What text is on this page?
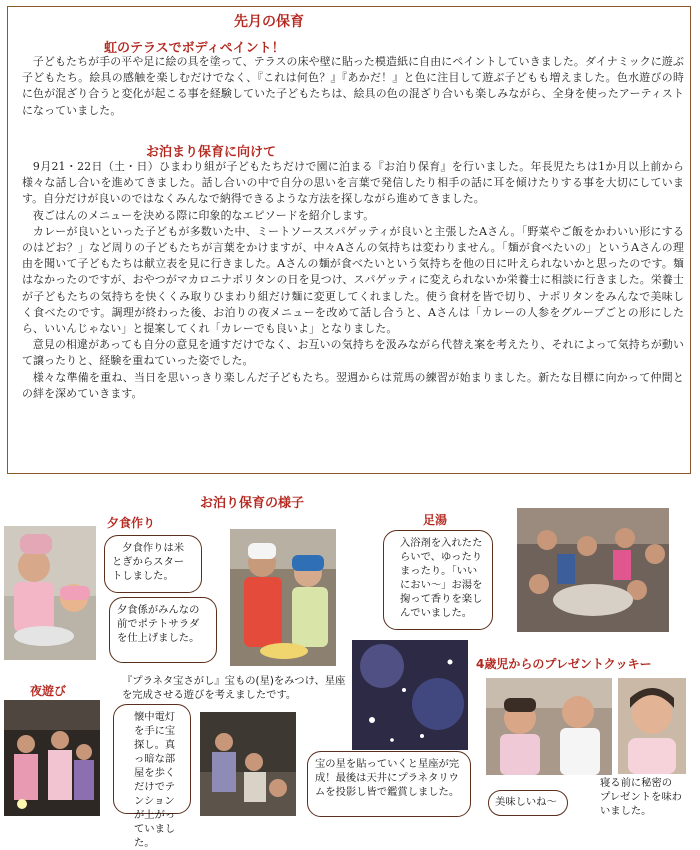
先月の保育
虹のテラスでボディペイント！

子どもたちが手の平や足に絵の具を塗って、テラスの床や壁に貼った模造紙に自由にペイントしていきました。ダイナミックに遊ぶ子どもたち。絵具の感触を楽しむだけでなく、『これは何色？』『あかだ！』と色に注目して遊ぶ子どもも増えました。色水遊びの時に色が混ざり合うと変化が起こる事を経験していた子どもたちは、絵具の色の混ざり合いも楽しみながら、全身を使ったアーティストになっていました。

お泊まり保育に向けて

9月21・22日（土・日）ひまわり組が子どもたちだけで園に泊まる『お泊り保育』を行いました。年長児たちは1か月以上前から様々な話し合いを進めてきました。話し合いの中で自分の思いを言葉で発信したり相手の話に耳を傾けたりする事を大切にしています。自分だけが良いのではなくみんなで納得できるような方法を探しながら進めてきました。

夜ごはんのメニューを決める際に印象的なエピソードを紹介します。

カレーが良いといった子どもが多数いた中、ミートソーススパゲッティが良いと主張したAさん。「野菜やご飯をかわいい形にするのはどお？」など周りの子どもたちが言葉をかけますが、中々Aさんの気持ちは変わりません。「麺が食べたいの」というAさんの理由を聞いて子どもたちは献立表を見に行きました。Aさんの麺が食べたいという気持ちを他の日に叶えられないかと思ったのです。麺はなかったのですが、おやつがマカロニナポリタンの日を見つけ、スパゲッティに変えられないか栄養士に相談に行きました。栄養士が子どもたちの気持ちを快くくみ取りひまわり組だけ麺に変更してくれました。使う食材を皆で切り、ナポリタンをみんなで美味しく食べたのです。調理が終わった後、お泊りの夜メニューを改めて話し合うと、Aさんは「カレーの人参をグループごとの形にしたら、いいんじゃない」と提案してくれ「カレーでも良いよ」となりました。

意見の相違があっても自分の意見を通すだけでなく、お互いの気持ちを汲みながら代替え案を考えたり、それによって気持ちが動いて譲ったりと、経験を重ねていった姿でした。

様々な準備を重ね、当日を思いっきり楽しんだ子どもたち。翌週からは荒馬の練習が始まりました。新たな目標に向かって仲間との絆を深めていきます。

お泊り保育の様子
夕食作り
夕食作りは米とぎからスタートしました。
夕食係がみんなの前でポテトサラダを仕上げました。
足湯
入浴剤を入れたたらいで、ゆったりまったり。「いいにおい～」お湯を掬って香りを楽しんでいました。
『プラネタ宝さがし』宝もの(星)をみつけ、星座を完成させる遊びを考えましたです。
宝の星を貼っていくと星座が完成！最後は天井にプラネタリウムを投影し皆で鑑賞しました。
夜遊び
懐中電灯を手に宝探し。真っ暗な部屋を歩くだけでテンションが上がっていました。
4歳児からのプレゼントクッキー
美味しいね～
寝る前に秘密のプレゼントを味わいました。
